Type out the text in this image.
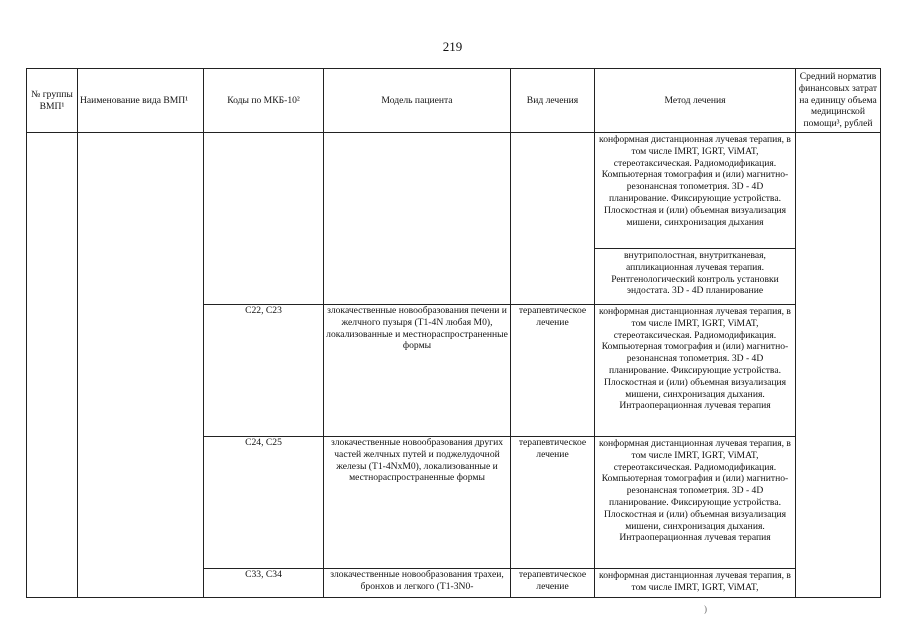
219
№ группы ВМП¹	Наименование вида ВМП¹	Коды по МКБ-10²	Модель пациента	Вид лечения	Метод лечения	Средний норматив финансовых затрат на единицу объема медицинской помощи³, рублей
					конформная дистанционная лучевая терапия, в том числе IMRT, IGRT, ViMAT, стереотаксическая. Радиомодификация. Компьютерная томография и (или) магнитно-резонансная топометрия. 3D - 4D планирование. Фиксирующие устройства. Плоскостная и (или) объемная визуализация мишени, синхронизация дыхания	
					внутриполостная, внутритканевая, аппликационная лучевая терапия. Рентгенологический контроль установки эндостата. 3D - 4D планирование	
		C22, C23	злокачественные новообразования печени и желчного пузыря (T1-4N любая M0), локализованные и местнораспространенные формы	терапевтическое лечение	конформная дистанционная лучевая терапия, в том числе IMRT, IGRT, ViMAT, стереотаксическая. Радиомодификация. Компьютерная томография и (или) магнитно-резонансная топометрия. 3D - 4D планирование. Фиксирующие устройства. Плоскостная и (или) объемная визуализация мишени, синхронизация дыхания. Интраоперационная лучевая терапия	
		C24, C25	злокачественные новообразования других частей желчных путей и поджелудочной железы (T1-4NxM0), локализованные и местнораспространенные формы	терапевтическое лечение	конформная дистанционная лучевая терапия, в том числе IMRT, IGRT, ViMAT, стереотаксическая. Радиомодификация. Компьютерная томография и (или) магнитно-резонансная топометрия. 3D - 4D планирование. Фиксирующие устройства. Плоскостная и (или) объемная визуализация мишени, синхронизация дыхания. Интраоперационная лучевая терапия	
		C33, C34	злокачественные новообразования трахеи, бронхов и легкого (T1-3N0-	терапевтическое лечение	конформная дистанционная лучевая терапия, в том числе IMRT, IGRT, ViMAT,	
)
